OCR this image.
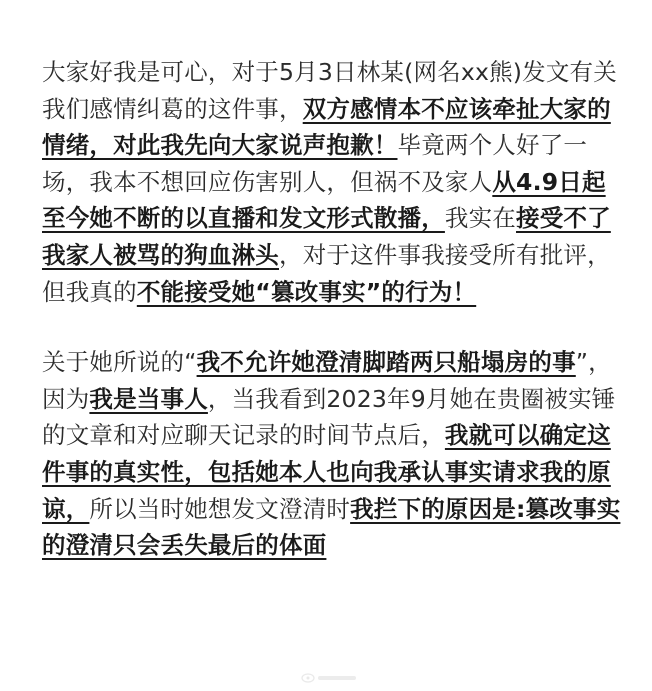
大家好我是可心，对于5月3日林某(网名xx熊)发文有关我们感情纠葛的这件事，双方感情本不应该牵扯大家的情绪，对此我先向大家说声抱歉！毕竟两个人好了一场，我本不想回应伤害别人，但祸不及家人从4.9日起至今她不断的以直播和发文形式散播，我实在接受不了我家人被骂的狗血淋头，对于这件事我接受所有批评，但我真的不能接受她“篡改事实”的行为！

关于她所说的“我不允许她澄清脚踏两只船塌房的事”，因为我是当事人，当我看到2023年9月她在贵圈被实锤的文章和对应聊天记录的时间节点后，我就可以确定这件事的真实性，包括她本人也向我承认事实请求我的原谅，所以当时她想发文澄清时我拦下的原因是:篡改事实的澄清只会丢失最后的体面
